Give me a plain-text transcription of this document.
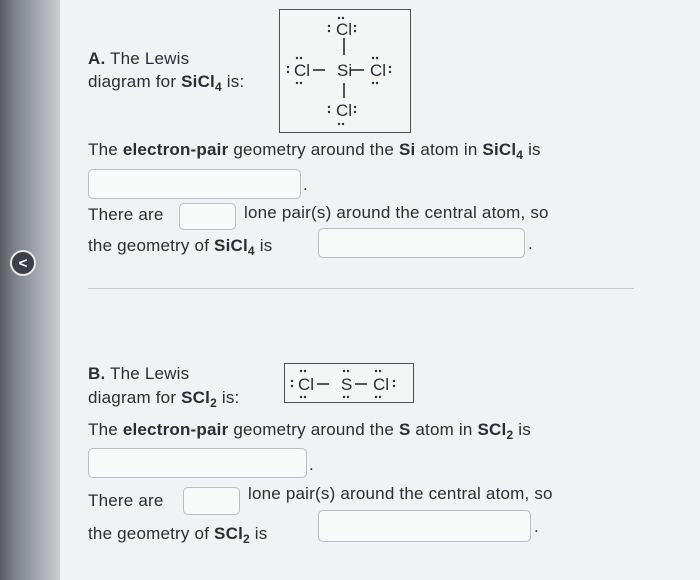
<
A. The Lewis
diagram for SiCl$_4$ is:
Cl
Cl Si Cl
Cl
The electron-pair geometry around the Si atom in SiCl$_4$ is
.
There are	lone pair(s) around the central atom, so
the geometry of SiCl$_4$ is	.
B. The Lewis
diagram for SCl$_2$ is:
Cl S Cl
The electron-pair geometry around the S atom in SCl$_2$ is
.
There are	lone pair(s) around the central atom, so
the geometry of SCl$_2$ is	.
